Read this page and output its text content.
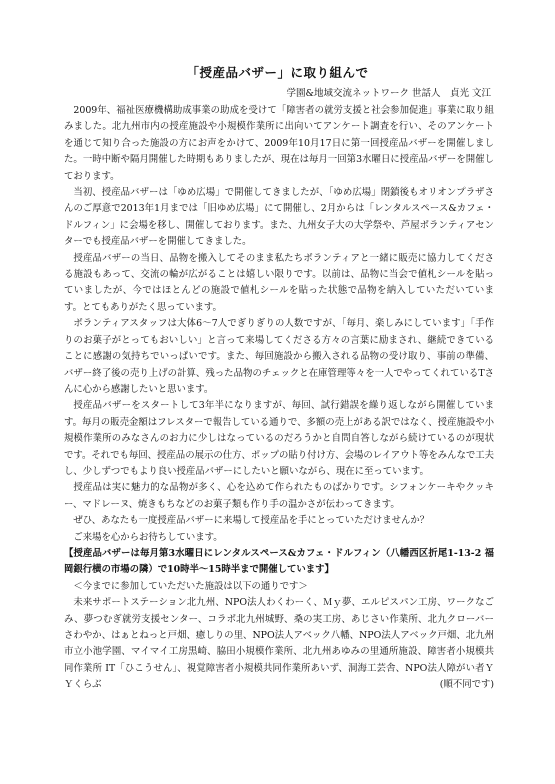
「授産品バザー」に取り組んで
学園&地域交流ネットワーク 世話人　貞光 文江

2009年、福祉医療機構助成事業の助成を受けて「障害者の就労支援と社会参加促進」事業に取り組みました。北九州市内の授産施設や小規模作業所に出向いてアンケート調査を行い、そのアンケートを通じて知り合った施設の方にお声をかけて、2009年10月17日に第一回授産品バザーを開催しました。一時中断や隔月開催した時期もありましたが、現在は毎月一回第3水曜日に授産品バザーを開催しております。

当初、授産品バザーは「ゆめ広場」で開催してきましたが、「ゆめ広場」閉鎖後もオリオンプラザさんのご厚意で2013年1月までは「旧ゆめ広場」にて開催し、2月からは「レンタルスペース&カフェ・ドルフィン」に会場を移し、開催しております。また、九州女子大の大学祭や、芦屋ボランティアセンターでも授産品バザーを開催してきました。

授産品バザーの当日、品物を搬入してそのまま私たちボランティアと一緒に販売に協力してくださる施設もあって、交流の輪が広がることは嬉しい限りです。以前は、品物に当会で値札シールを貼っていましたが、今ではほとんどの施設で値札シールを貼った状態で品物を納入していただいています。とてもありがたく思っています。

ボランティアスタッフは大体6〜7人でぎりぎりの人数ですが、「毎月、楽しみにしています」「手作りのお菓子がとってもおいしい」と言って来場してくださる方々の言葉に励まされ、継続できていることに感謝の気持ちでいっぱいです。また、毎回施設から搬入される品物の受け取り、事前の準備、バザー終了後の売り上げの計算、残った品物のチェックと在庫管理等々を一人でやってくれているTさんに心から感謝したいと思います。

授産品バザーをスタートして3年半になりますが、毎回、試行錯誤を繰り返しながら開催しています。毎月の販売金額はフレスターで報告している通りで、多額の売上がある訳ではなく、授産施設や小規模作業所のみなさんのお力に少しはなっているのだろうかと自問自答しながら続けているのが現状です。それでも毎回、授産品の展示の仕方、ポップの貼り付け方、会場のレイアウト等をみんなで工夫し、少しずつでもより良い授産品バザーにしたいと願いながら、現在に至っています。

授産品は実に魅力的な品物が多く、心を込めて作られたものばかりです。シフォンケーキやクッキー、マドレーヌ、焼きもちなどのお菓子類も作り手の温かさが伝わってきます。

ぜひ、あなたも一度授産品バザーに来場して授産品を手にとっていただけませんか？

ご来場を心からお待ちしています。

【授産品バザーは毎月第3水曜日にレンタルスペース&カフェ・ドルフィン（八幡西区折尾1-13-2 福岡銀行横の市場の隣）で10時半〜15時半まで開催しています】

＜今までに参加していただいた施設は以下の通りです＞

未来サポートステーション北九州、NPO法人わくわーく、Ｍｙ夢、エルピスパン工房、ワークなごみ、夢つむぎ就労支援センター、コラボ北九州城野、桑の実工房、あじさい作業所、北九クローバーさわやか、はぁとねっと戸畑、癒しりの里、NPO法人アベック八幡、NPO法人アベック戸畑、北九州市立小池学園、マイマイ工房黒崎、脇田小規模作業所、北九州あゆみの里通所施設、障害者小規模共同作業所 IT「ひこうせん」、視覚障害者小規模共同作業所あいず、洞海工芸舎、NPO法人障がい者ＹＹくらぶ	(順不同です)
